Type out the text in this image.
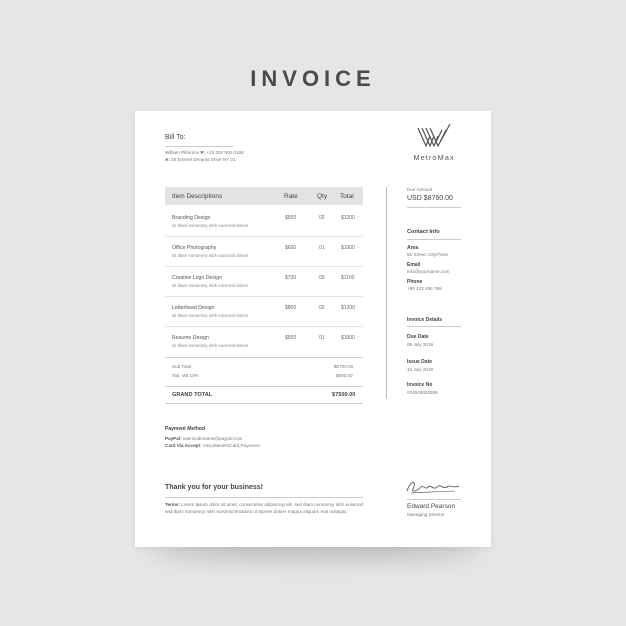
INVOICE
Bill To:
William Pitterson P: +33 202 500 0188
A: 25 Emerel Dreams Drive NY 01	MetroMax
Item Descriptions	Rate	Qty Total
Branding Design
sit diam nonummy nibh euismod dolore
$500	02	$1200
Office Photography
sit diam nonummy nibh euismod dolore
$600	01	$1000
Creative Logo Design
sit diam nonummy nibh euismod dolore
$700	03	$1100
Letterhead Design
sit diam nonummy nibh euismod dolore
$800	02	$1200
Resume Design
sit diam nonummy nibh euismod dolore
$500	01	$1000
Sub Total	$5700.00
Tax: Vat 10%	$650.00
GRAND TOTAL	$7500.00
Due Amount
USD $8760.00
Contact Info
Area
55 Street, City/Town
Email
info@yourname.com
Phone
+89 123 456 789
Invoice Details
Due Date
06 July 2019
Issue Date
10 July 2019
Invoice No
#24540020286
Payment Method
PayPal: usericodename@paypal.com
Card Via Accept: Visa,MastersCard,Payoneer
Thank you for your business!
Terms: Lorem ipsum dolor sit amet, consectetur adipiscing elit, sed diam nonummy nibh euismod
sed diam nonummy nibh euismod tincidunt ut laoreet dolore magna aliquam erat volutpat.
Edward Pearson
Managing Director
